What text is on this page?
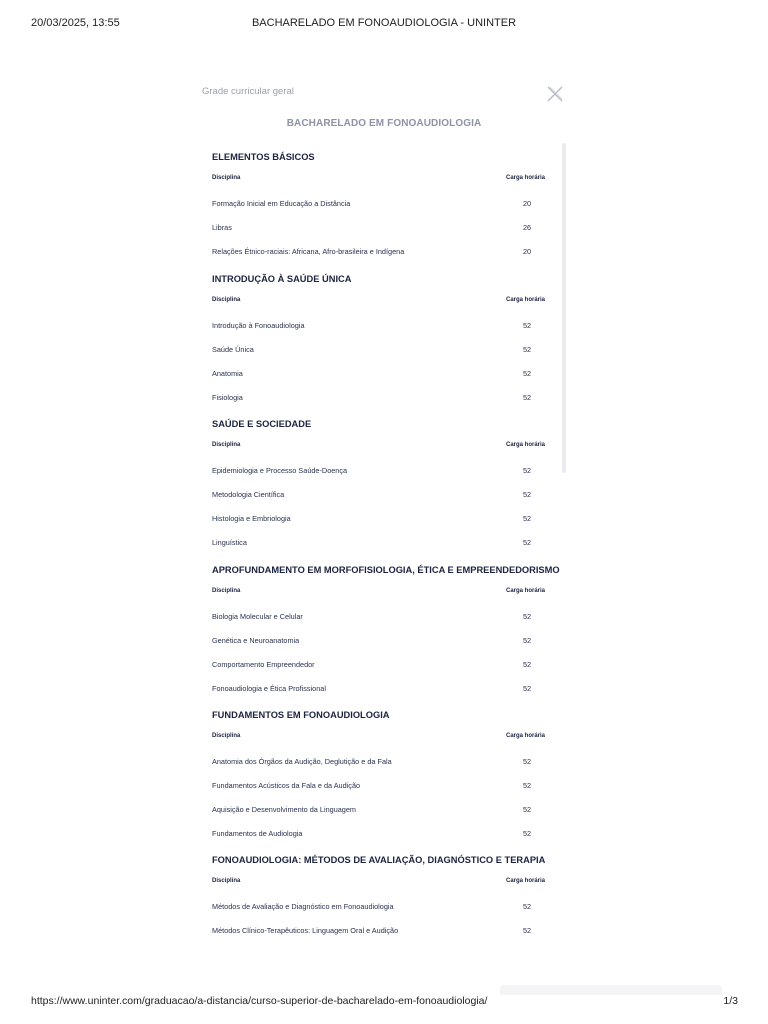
20/03/2025, 13:55	BACHARELADO EM FONOAUDIOLOGIA - UNINTER
Grade curricular geral
BACHARELADO EM FONOAUDIOLOGIA
ELEMENTOS BÁSICOS
Disciplina	Carga horária
Formação Inicial em Educação a Distância	20
Libras	26
Relações Étnico-raciais: Africana, Afro-brasileira e Indígena	20
INTRODUÇÃO À SAÚDE ÚNICA
Disciplina	Carga horária
Introdução à Fonoaudiologia	52
Saúde Única	52
Anatomia	52
Fisiologia	52
SAÚDE E SOCIEDADE
Disciplina	Carga horária
Epidemiologia e Processo Saúde-Doença	52
Metodologia Científica	52
Histologia e Embriologia	52
Linguística	52
APROFUNDAMENTO EM MORFOFISIOLOGIA, ÉTICA E EMPREENDEDORISMO
Disciplina	Carga horária
Biologia Molecular e Celular	52
Genética e Neuroanatomia	52
Comportamento Empreendedor	52
Fonoaudiologia e Ética Profissional	52
FUNDAMENTOS EM FONOAUDIOLOGIA
Disciplina	Carga horária
Anatomia dos Órgãos da Audição, Deglutição e da Fala	52
Fundamentos Acústicos da Fala e da Audição	52
Aquisição e Desenvolvimento da Linguagem	52
Fundamentos de Audiologia	52
FONOAUDIOLOGIA: MÉTODOS DE AVALIAÇÃO, DIAGNÓSTICO E TERAPIA
Disciplina	Carga horária
Métodos de Avaliação e Diagnóstico em Fonoaudiologia	52
Métodos Clínico-Terapêuticos: Linguagem Oral e Audição	52
https://www.uninter.com/graduacao/a-distancia/curso-superior-de-bacharelado-em-fonoaudiologia/	1/3
